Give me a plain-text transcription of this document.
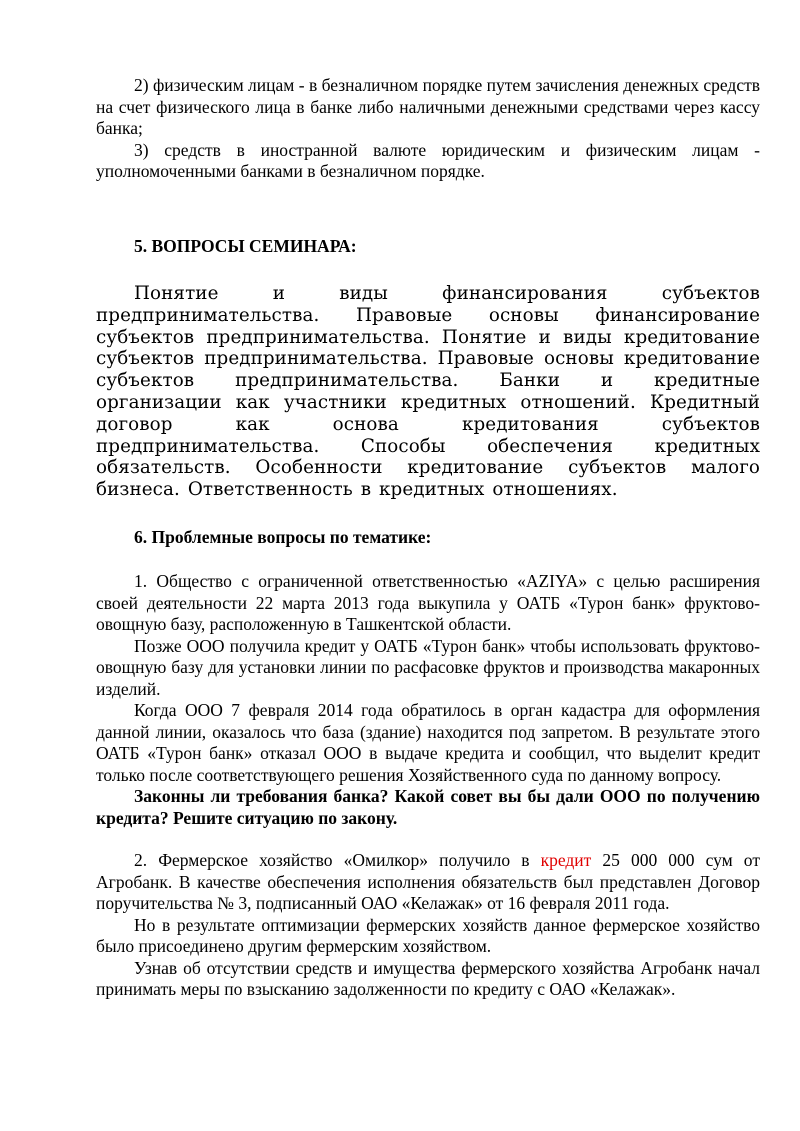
2) физическим лицам - в безналичном порядке путем зачисления денежных средств на счет физического лица в банке либо наличными денежными средствами через кассу банка;

3) средств в иностранной валюте юридическим и физическим лицам - уполномоченными банками в безналичном порядке.

5. ВОПРОСЫ СЕМИНАРА:

Понятие и виды финансирования субъектов предпринимательства. Правовые основы финансирование субъектов предпринимательства. Понятие и виды кредитование субъектов предпринимательства. Правовые основы кредитование субъектов предпринимательства. Банки и кредитные организации как участники кредитных отношений. Кредитный договор как основа кредитования субъектов предпринимательства. Способы обеспечения кредитных обязательств. Особенности кредитование субъектов малого бизнеса. Ответственность в кредитных отношениях.

6. Проблемные вопросы по тематике:

1. Общество с ограниченной ответственностью «AZIYA» с целью расширения своей деятельности 22 марта 2013 года выкупила у ОАТБ «Турон банк» фруктово-овощную базу, расположенную в Ташкентской области.

Позже ООО получила кредит у ОАТБ «Турон банк» чтобы использовать фруктово-овощную базу для установки линии по расфасовке фруктов и производства макаронных изделий.

Когда ООО 7 февраля 2014 года обратилось в орган кадастра для оформления данной линии, оказалось что база (здание) находится под запретом. В результате этого ОАТБ «Турон банк» отказал ООО в выдаче кредита и сообщил, что выделит кредит только после соответствующего решения Хозяйственного суда по данному вопросу.

Законны ли требования банка? Какой совет вы бы дали ООО по получению кредита? Решите ситуацию по закону.

2. Фермерское хозяйство «Омилкор» получило в кредит 25 000 000 сум от Агробанк. В качестве обеспечения исполнения обязательств был представлен Договор поручительства № 3, подписанный ОАО «Келажак» от 16 февраля 2011 года.

Но в результате оптимизации фермерских хозяйств данное фермерское хозяйство было присоединено другим фермерским хозяйством.

Узнав об отсутствии средств и имущества фермерского хозяйства Агробанк начал принимать меры по взысканию задолженности по кредиту с ОАО «Келажак».
